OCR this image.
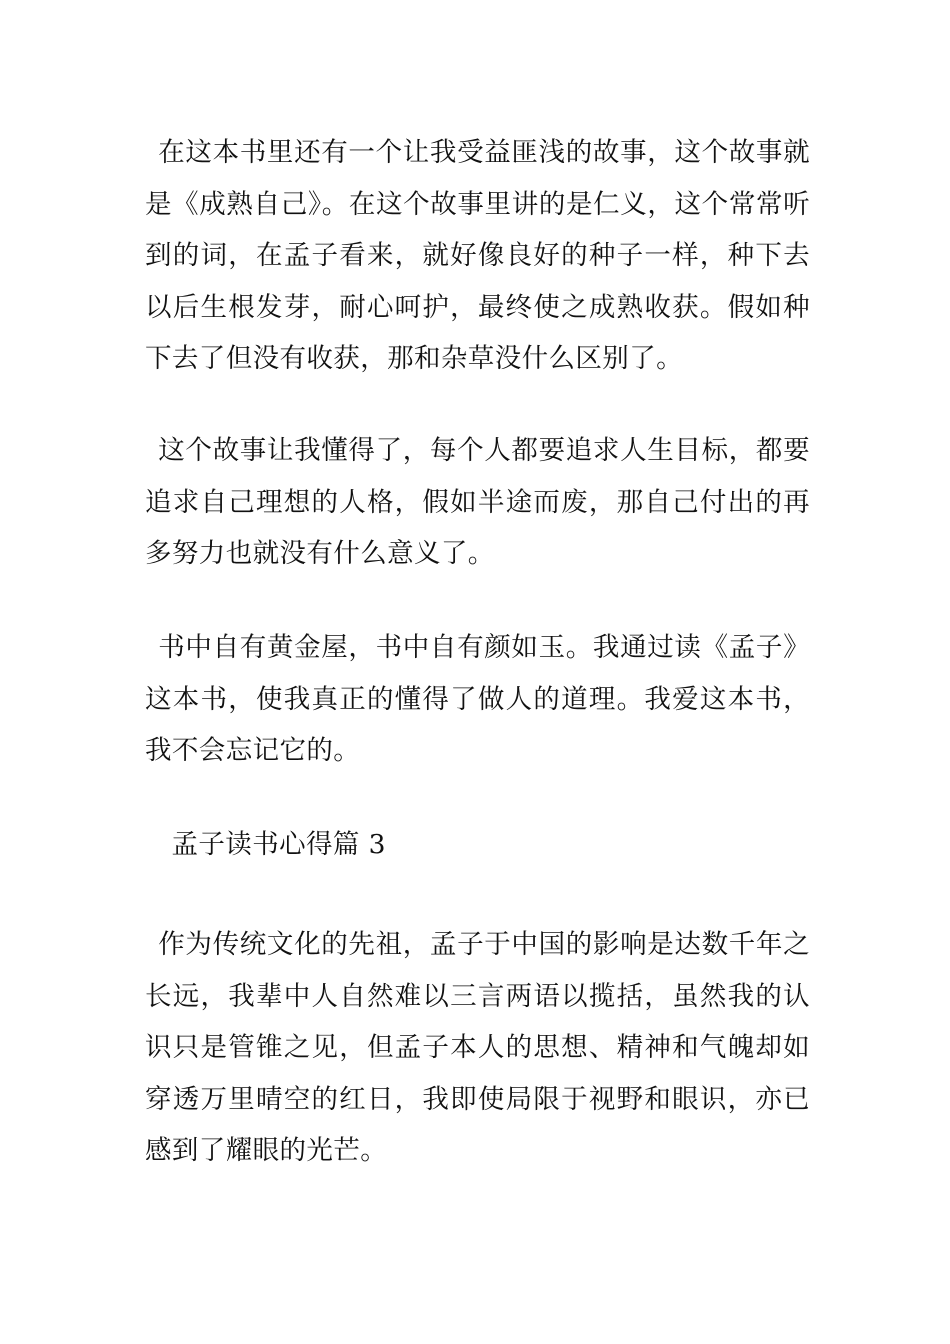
在这本书里还有一个让我受益匪浅的故事，这个故事就是《成熟自己》。在这个故事里讲的是仁义，这个常常听到的词，在孟子看来，就好像良好的种子一样，种下去以后生根发芽，耐心呵护，最终使之成熟收获。假如种下去了但没有收获，那和杂草没什么区别了。

这个故事让我懂得了，每个人都要追求人生目标，都要追求自己理想的人格，假如半途而废，那自己付出的再多努力也就没有什么意义了。

书中自有黄金屋，书中自有颜如玉。我通过读《孟子》这本书，使我真正的懂得了做人的道理。我爱这本书，我不会忘记它的。

孟子读书心得篇 3

作为传统文化的先祖，孟子于中国的影响是达数千年之长远，我辈中人自然难以三言两语以揽括，虽然我的认识只是管锥之见，但孟子本人的思想、精神和气魄却如穿透万里晴空的红日，我即使局限于视野和眼识，亦已感到了耀眼的光芒。
